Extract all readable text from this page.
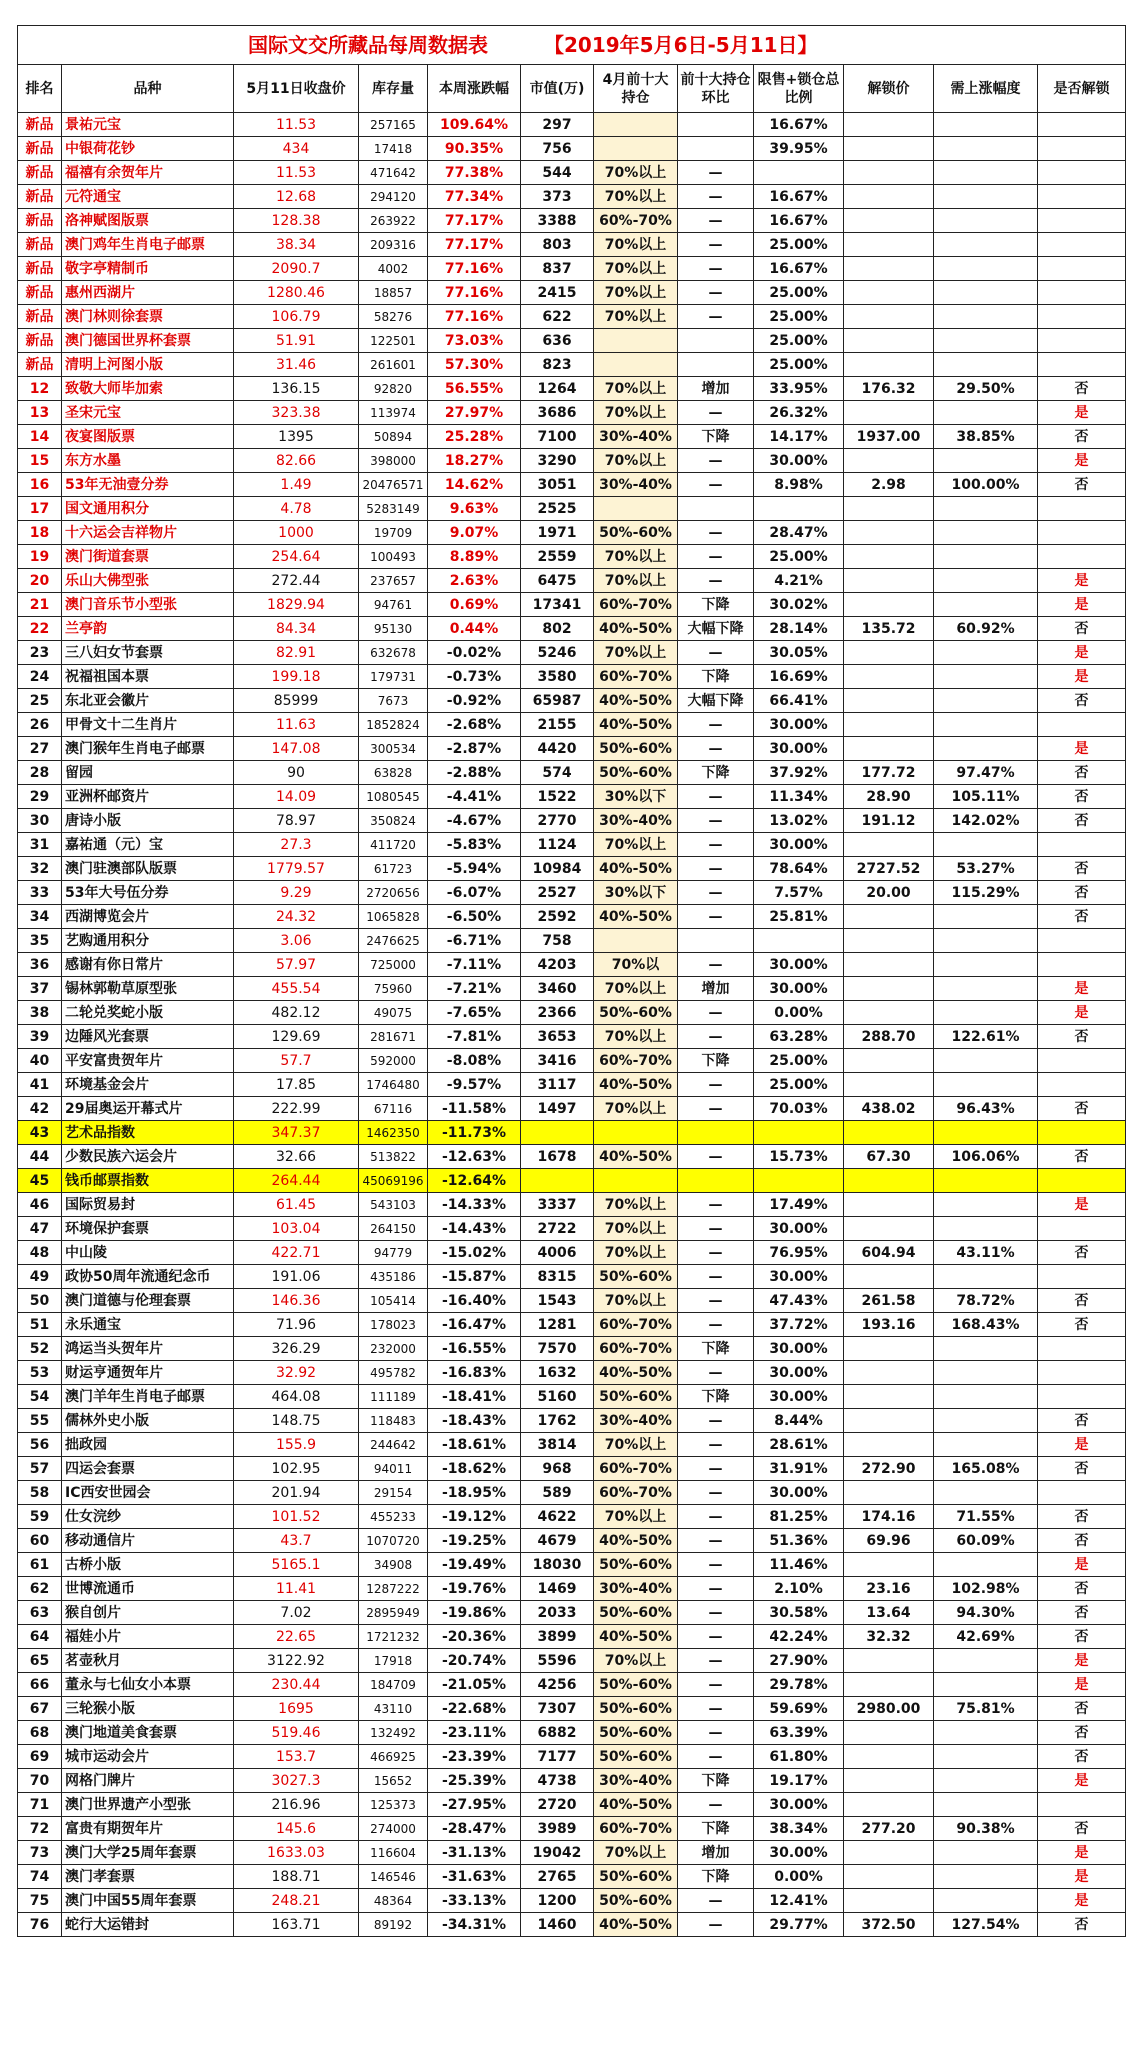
国际文交所藏品每周数据表 【2019年5月6日-5月11日】											
排名	品种	5月11日收盘价	库存量	本周涨跌幅	市值(万)	4月前十大持仓	前十大持仓环比	限售+锁仓总比例	解锁价	需上涨幅度	是否解锁
新品	景祐元宝	11.53	257165	109.64%	297			16.67%			
新品	中银荷花钞	434	17418	90.35%	756			39.95%			
新品	福禧有余贺年片	11.53	471642	77.38%	544	70%以上	—				
新品	元符通宝	12.68	294120	77.34%	373	70%以上	—	16.67%			
新品	洛神赋图版票	128.38	263922	77.17%	3388	60%-70%	—	16.67%			
新品	澳门鸡年生肖电子邮票	38.34	209316	77.17%	803	70%以上	—	25.00%			
新品	敬字亭精制币	2090.7	4002	77.16%	837	70%以上	—	16.67%			
新品	惠州西湖片	1280.46	18857	77.16%	2415	70%以上	—	25.00%			
新品	澳门林则徐套票	106.79	58276	77.16%	622	70%以上	—	25.00%			
新品	澳门德国世界杯套票	51.91	122501	73.03%	636			25.00%			
新品	清明上河图小版	31.46	261601	57.30%	823			25.00%			
12	致敬大师毕加索	136.15	92820	56.55%	1264	70%以上	增加	33.95%	176.32	29.50%	否
13	圣宋元宝	323.38	113974	27.97%	3686	70%以上	—	26.32%			是
14	夜宴图版票	1395	50894	25.28%	7100	30%-40%	下降	14.17%	1937.00	38.85%	否
15	东方水墨	82.66	398000	18.27%	3290	70%以上	—	30.00%			是
16	53年无油壹分券	1.49	20476571	14.62%	3051	30%-40%	—	8.98%	2.98	100.00%	否
17	国文通用积分	4.78	5283149	9.63%	2525						
18	十六运会吉祥物片	1000	19709	9.07%	1971	50%-60%	—	28.47%			
19	澳门街道套票	254.64	100493	8.89%	2559	70%以上	—	25.00%			
20	乐山大佛型张	272.44	237657	2.63%	6475	70%以上	—	4.21%			是
21	澳门音乐节小型张	1829.94	94761	0.69%	17341	60%-70%	下降	30.02%			是
22	兰亭韵	84.34	95130	0.44%	802	40%-50%	大幅下降	28.14%	135.72	60.92%	否
23	三八妇女节套票	82.91	632678	-0.02%	5246	70%以上	—	30.05%			是
24	祝福祖国本票	199.18	179731	-0.73%	3580	60%-70%	下降	16.69%			是
25	东北亚会徽片	85999	7673	-0.92%	65987	40%-50%	大幅下降	66.41%			否
26	甲骨文十二生肖片	11.63	1852824	-2.68%	2155	40%-50%	—	30.00%			
27	澳门猴年生肖电子邮票	147.08	300534	-2.87%	4420	50%-60%	—	30.00%			是
28	留园	90	63828	-2.88%	574	50%-60%	下降	37.92%	177.72	97.47%	否
29	亚洲杯邮资片	14.09	1080545	-4.41%	1522	30%以下	—	11.34%	28.90	105.11%	否
30	唐诗小版	78.97	350824	-4.67%	2770	30%-40%	—	13.02%	191.12	142.02%	否
31	嘉祐通（元）宝	27.3	411720	-5.83%	1124	70%以上	—	30.00%			
32	澳门驻澳部队版票	1779.57	61723	-5.94%	10984	40%-50%	—	78.64%	2727.52	53.27%	否
33	53年大号伍分券	9.29	2720656	-6.07%	2527	30%以下	—	7.57%	20.00	115.29%	否
34	西湖博览会片	24.32	1065828	-6.50%	2592	40%-50%	—	25.81%			否
35	艺购通用积分	3.06	2476625	-6.71%	758						
36	感谢有你日常片	57.97	725000	-7.11%	4203	70%以	—	30.00%			
37	锡林郭勒草原型张	455.54	75960	-7.21%	3460	70%以上	增加	30.00%			是
38	二轮兑奖蛇小版	482.12	49075	-7.65%	2366	50%-60%	—	0.00%			是
39	边陲风光套票	129.69	281671	-7.81%	3653	70%以上	—	63.28%	288.70	122.61%	否
40	平安富贵贺年片	57.7	592000	-8.08%	3416	60%-70%	下降	25.00%			
41	环境基金会片	17.85	1746480	-9.57%	3117	40%-50%	—	25.00%			
42	29届奥运开幕式片	222.99	67116	-11.58%	1497	70%以上	—	70.03%	438.02	96.43%	否
43	艺术品指数	347.37	1462350	-11.73%							
44	少数民族六运会片	32.66	513822	-12.63%	1678	40%-50%	—	15.73%	67.30	106.06%	否
45	钱币邮票指数	264.44	45069196	-12.64%							
46	国际贸易封	61.45	543103	-14.33%	3337	70%以上	—	17.49%			是
47	环境保护套票	103.04	264150	-14.43%	2722	70%以上	—	30.00%			
48	中山陵	422.71	94779	-15.02%	4006	70%以上	—	76.95%	604.94	43.11%	否
49	政协50周年流通纪念币	191.06	435186	-15.87%	8315	50%-60%	—	30.00%			
50	澳门道德与伦理套票	146.36	105414	-16.40%	1543	70%以上	—	47.43%	261.58	78.72%	否
51	永乐通宝	71.96	178023	-16.47%	1281	60%-70%	—	37.72%	193.16	168.43%	否
52	鸿运当头贺年片	326.29	232000	-16.55%	7570	60%-70%	下降	30.00%			
53	财运亨通贺年片	32.92	495782	-16.83%	1632	40%-50%	—	30.00%			
54	澳门羊年生肖电子邮票	464.08	111189	-18.41%	5160	50%-60%	下降	30.00%			
55	儒林外史小版	148.75	118483	-18.43%	1762	30%-40%	—	8.44%			否
56	拙政园	155.9	244642	-18.61%	3814	70%以上	—	28.61%			是
57	四运会套票	102.95	94011	-18.62%	968	60%-70%	—	31.91%	272.90	165.08%	否
58	IC西安世园会	201.94	29154	-18.95%	589	60%-70%	—	30.00%			
59	仕女浣纱	101.52	455233	-19.12%	4622	70%以上	—	81.25%	174.16	71.55%	否
60	移动通信片	43.7	1070720	-19.25%	4679	40%-50%	—	51.36%	69.96	60.09%	否
61	古桥小版	5165.1	34908	-19.49%	18030	50%-60%	—	11.46%			是
62	世博流通币	11.41	1287222	-19.76%	1469	30%-40%	—	2.10%	23.16	102.98%	否
63	猴自创片	7.02	2895949	-19.86%	2033	50%-60%	—	30.58%	13.64	94.30%	否
64	福娃小片	22.65	1721232	-20.36%	3899	40%-50%	—	42.24%	32.32	42.69%	否
65	茗壶秋月	3122.92	17918	-20.74%	5596	70%以上	—	27.90%			是
66	董永与七仙女小本票	230.44	184709	-21.05%	4256	50%-60%	—	29.78%			是
67	三轮猴小版	1695	43110	-22.68%	7307	50%-60%	—	59.69%	2980.00	75.81%	否
68	澳门地道美食套票	519.46	132492	-23.11%	6882	50%-60%	—	63.39%			否
69	城市运动会片	153.7	466925	-23.39%	7177	50%-60%	—	61.80%			否
70	网格门牌片	3027.3	15652	-25.39%	4738	30%-40%	下降	19.17%			是
71	澳门世界遗产小型张	216.96	125373	-27.95%	2720	40%-50%	—	30.00%			
72	富贵有期贺年片	145.6	274000	-28.47%	3989	60%-70%	下降	38.34%	277.20	90.38%	否
73	澳门大学25周年套票	1633.03	116604	-31.13%	19042	70%以上	增加	30.00%			是
74	澳门孝套票	188.71	146546	-31.63%	2765	50%-60%	下降	0.00%			是
75	澳门中国55周年套票	248.21	48364	-33.13%	1200	50%-60%	—	12.41%			是
76	蛇行大运错封	163.71	89192	-34.31%	1460	40%-50%	—	29.77%	372.50	127.54%	否
